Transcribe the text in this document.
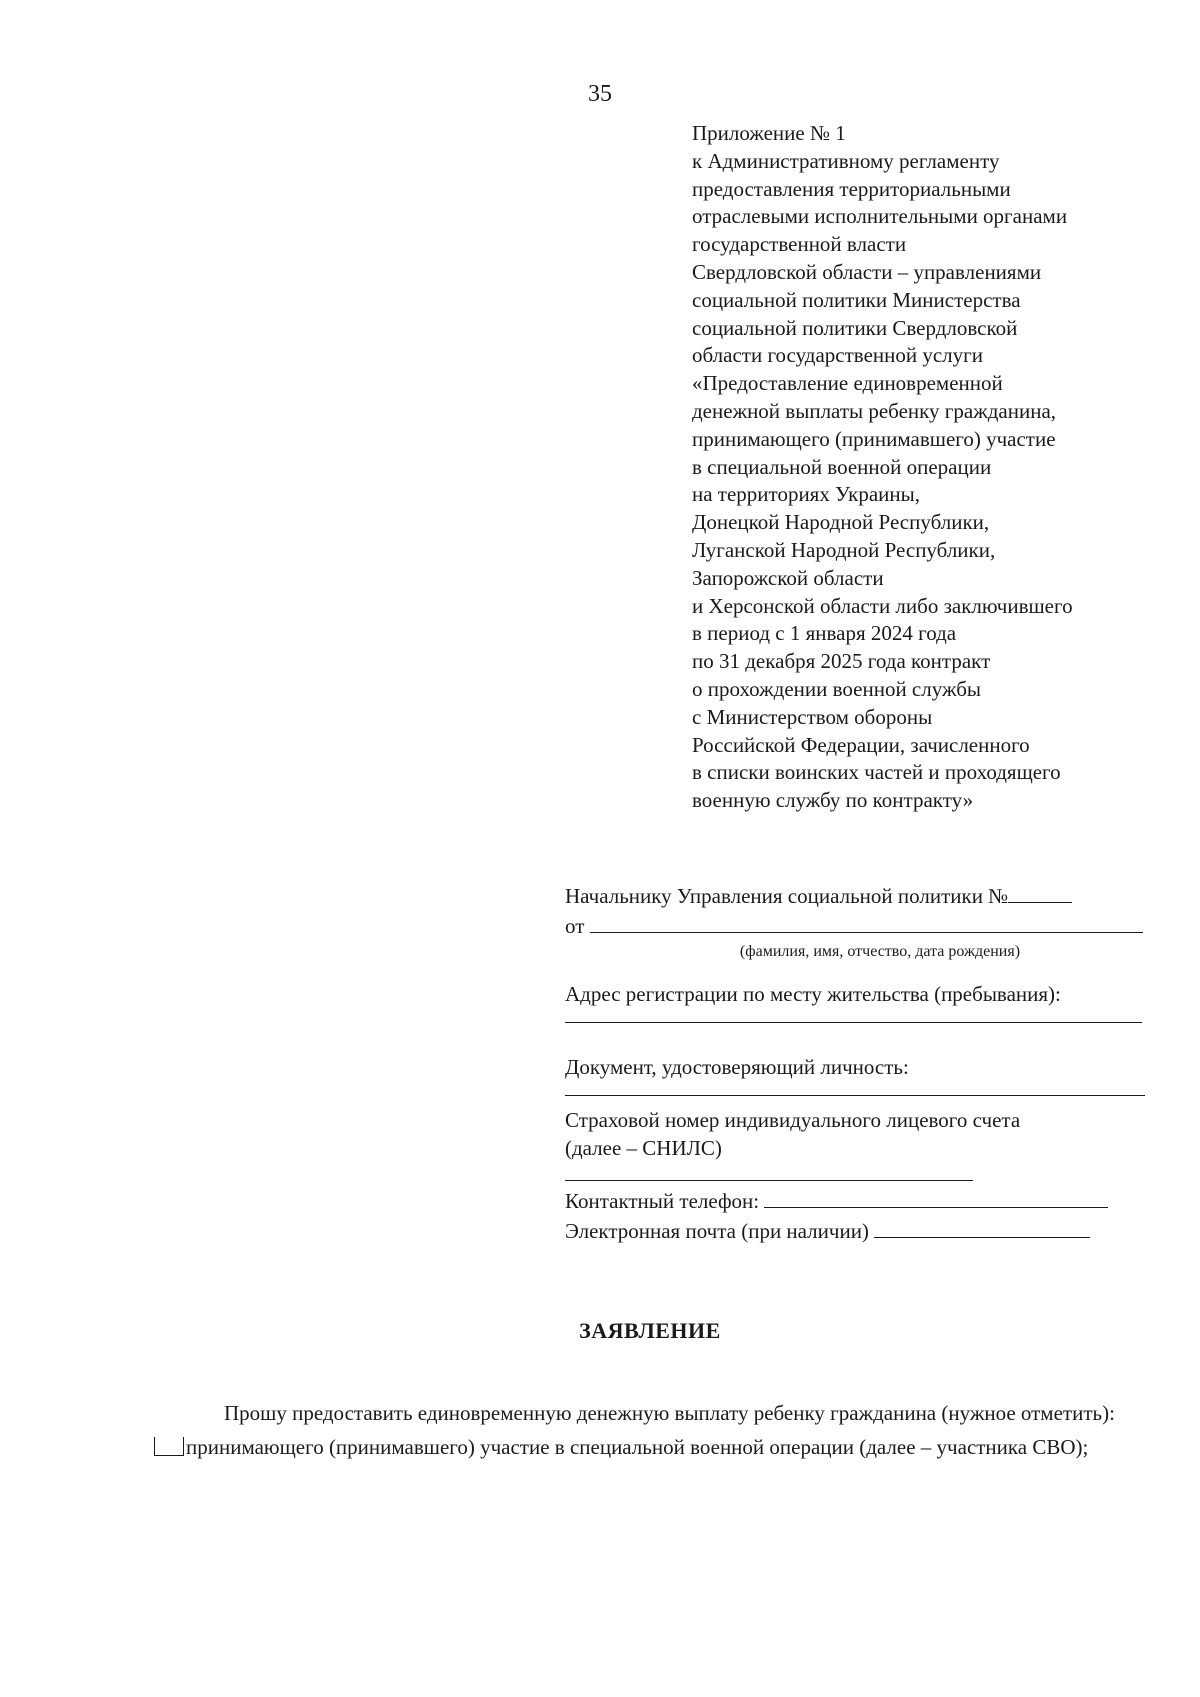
35
Приложение № 1
к Административному регламенту
предоставления территориальными
отраслевыми исполнительными органами
государственной власти
Свердловской области – управлениями
социальной политики Министерства
социальной политики Свердловской
области государственной услуги
«Предоставление единовременной
денежной выплаты ребенку гражданина,
принимающего (принимавшего) участие
в специальной военной операции
на территориях Украины,
Донецкой Народной Республики,
Луганской Народной Республики,
Запорожской области
и Херсонской области либо заключившего
в период с 1 января 2024 года
по 31 декабря 2025 года контракт
о прохождении военной службы
с Министерством обороны
Российской Федерации, зачисленного
в списки воинских частей и проходящего
военную службу по контракту»
Начальнику Управления социальной политики №
от
(фамилия, имя, отчество, дата рождения)
Адрес регистрации по месту жительства (пребывания):
Документ, удостоверяющий личность:
Страховой номер индивидуального лицевого счета
(далее – СНИЛС)
Контактный телефон:
Электронная почта (при наличии)
ЗАЯВЛЕНИЕ
Прошу предоставить единовременную денежную выплату ребенку гражданина (нужное отметить):
принимающего (принимавшего) участие в специальной военной операции (далее – участника СВО);
